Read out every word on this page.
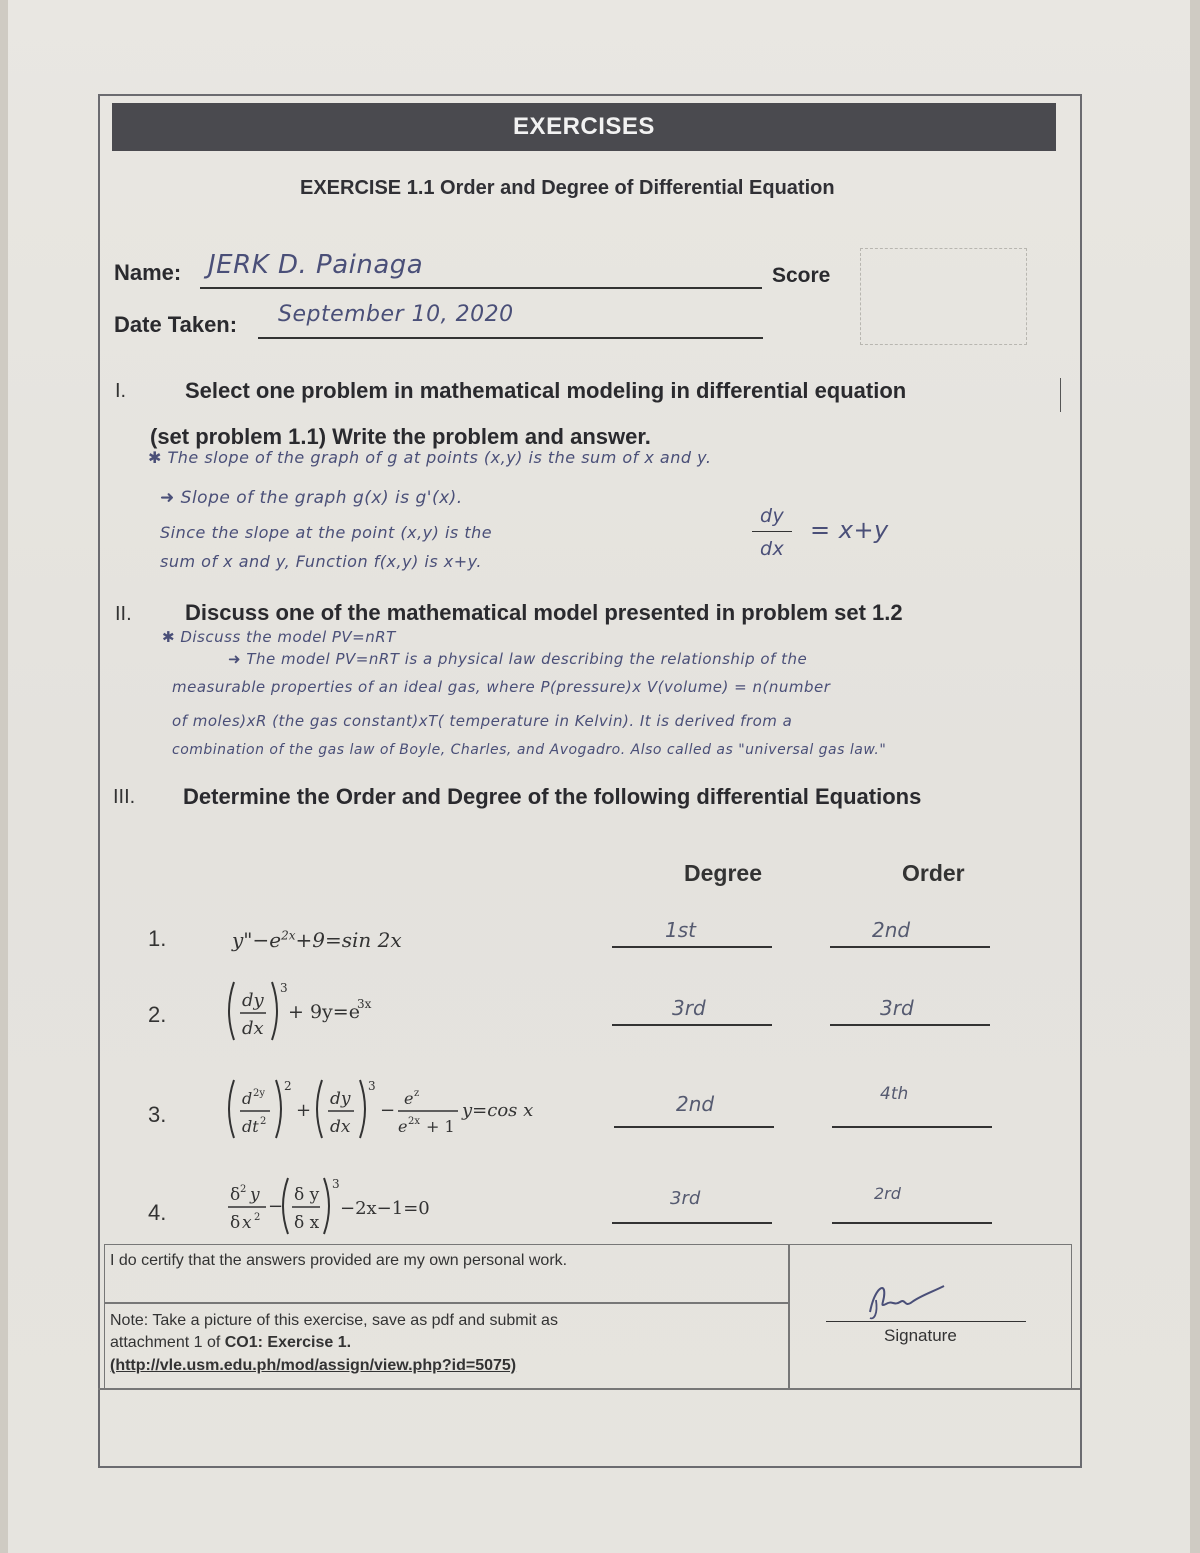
EXERCISES
EXERCISE 1.1 Order and Degree of Differential Equation
Name: JERK D. Painaga	Score
Date Taken: September 10, 2020
I.	Select one problem in mathematical modeling in differential equation
(set problem 1.1) Write the problem and answer.
✱ The slope of the graph of g at points (x,y) is the sum of x and y.
➜ Slope of the graph g(x) is g'(x).
Since the slope at the point (x,y) is the
sum of x and y, Function f(x,y) is x+y.
dy
dx
= x+y
II. Discuss one of the mathematical model presented in problem set 1.2
✱ Discuss the model PV=nRT
➜ The model PV=nRT is a physical law describing the relationship of the
measurable properties of an ideal gas, where P(pressure)x V(volume) = n(number
of moles)xR (the gas constant)xT( temperature in Kelvin). It is derived from a
combination of the gas law of Boyle, Charles, and Avogadro. Also called as "universal gas law."
III. Determine the Order and Degree of the following differential Equations
Degree	Order
1.	$y"-e^{2x}+9=\sin$ 2x	1st	2nd
2.
dy
dx
3
+ 9y=e
3x	3rd	3rd
3.
d 2y
dt 2
2
+
dy
dx
3
−
e z
e 2x + 1
y=cos x	2nd	4th
4.
δ 2 y
δ x 2
−
δ y
δ x
3
−2x−1=0	3rd	2rd
I do certify that the answers provided are my own personal work.
Note: Take a picture of this exercise, save as pdf and submit as
attachment 1 of CO1: Exercise 1.
(http://vle.usm.edu.ph/mod/assign/view.php?id=5075)
Signature
